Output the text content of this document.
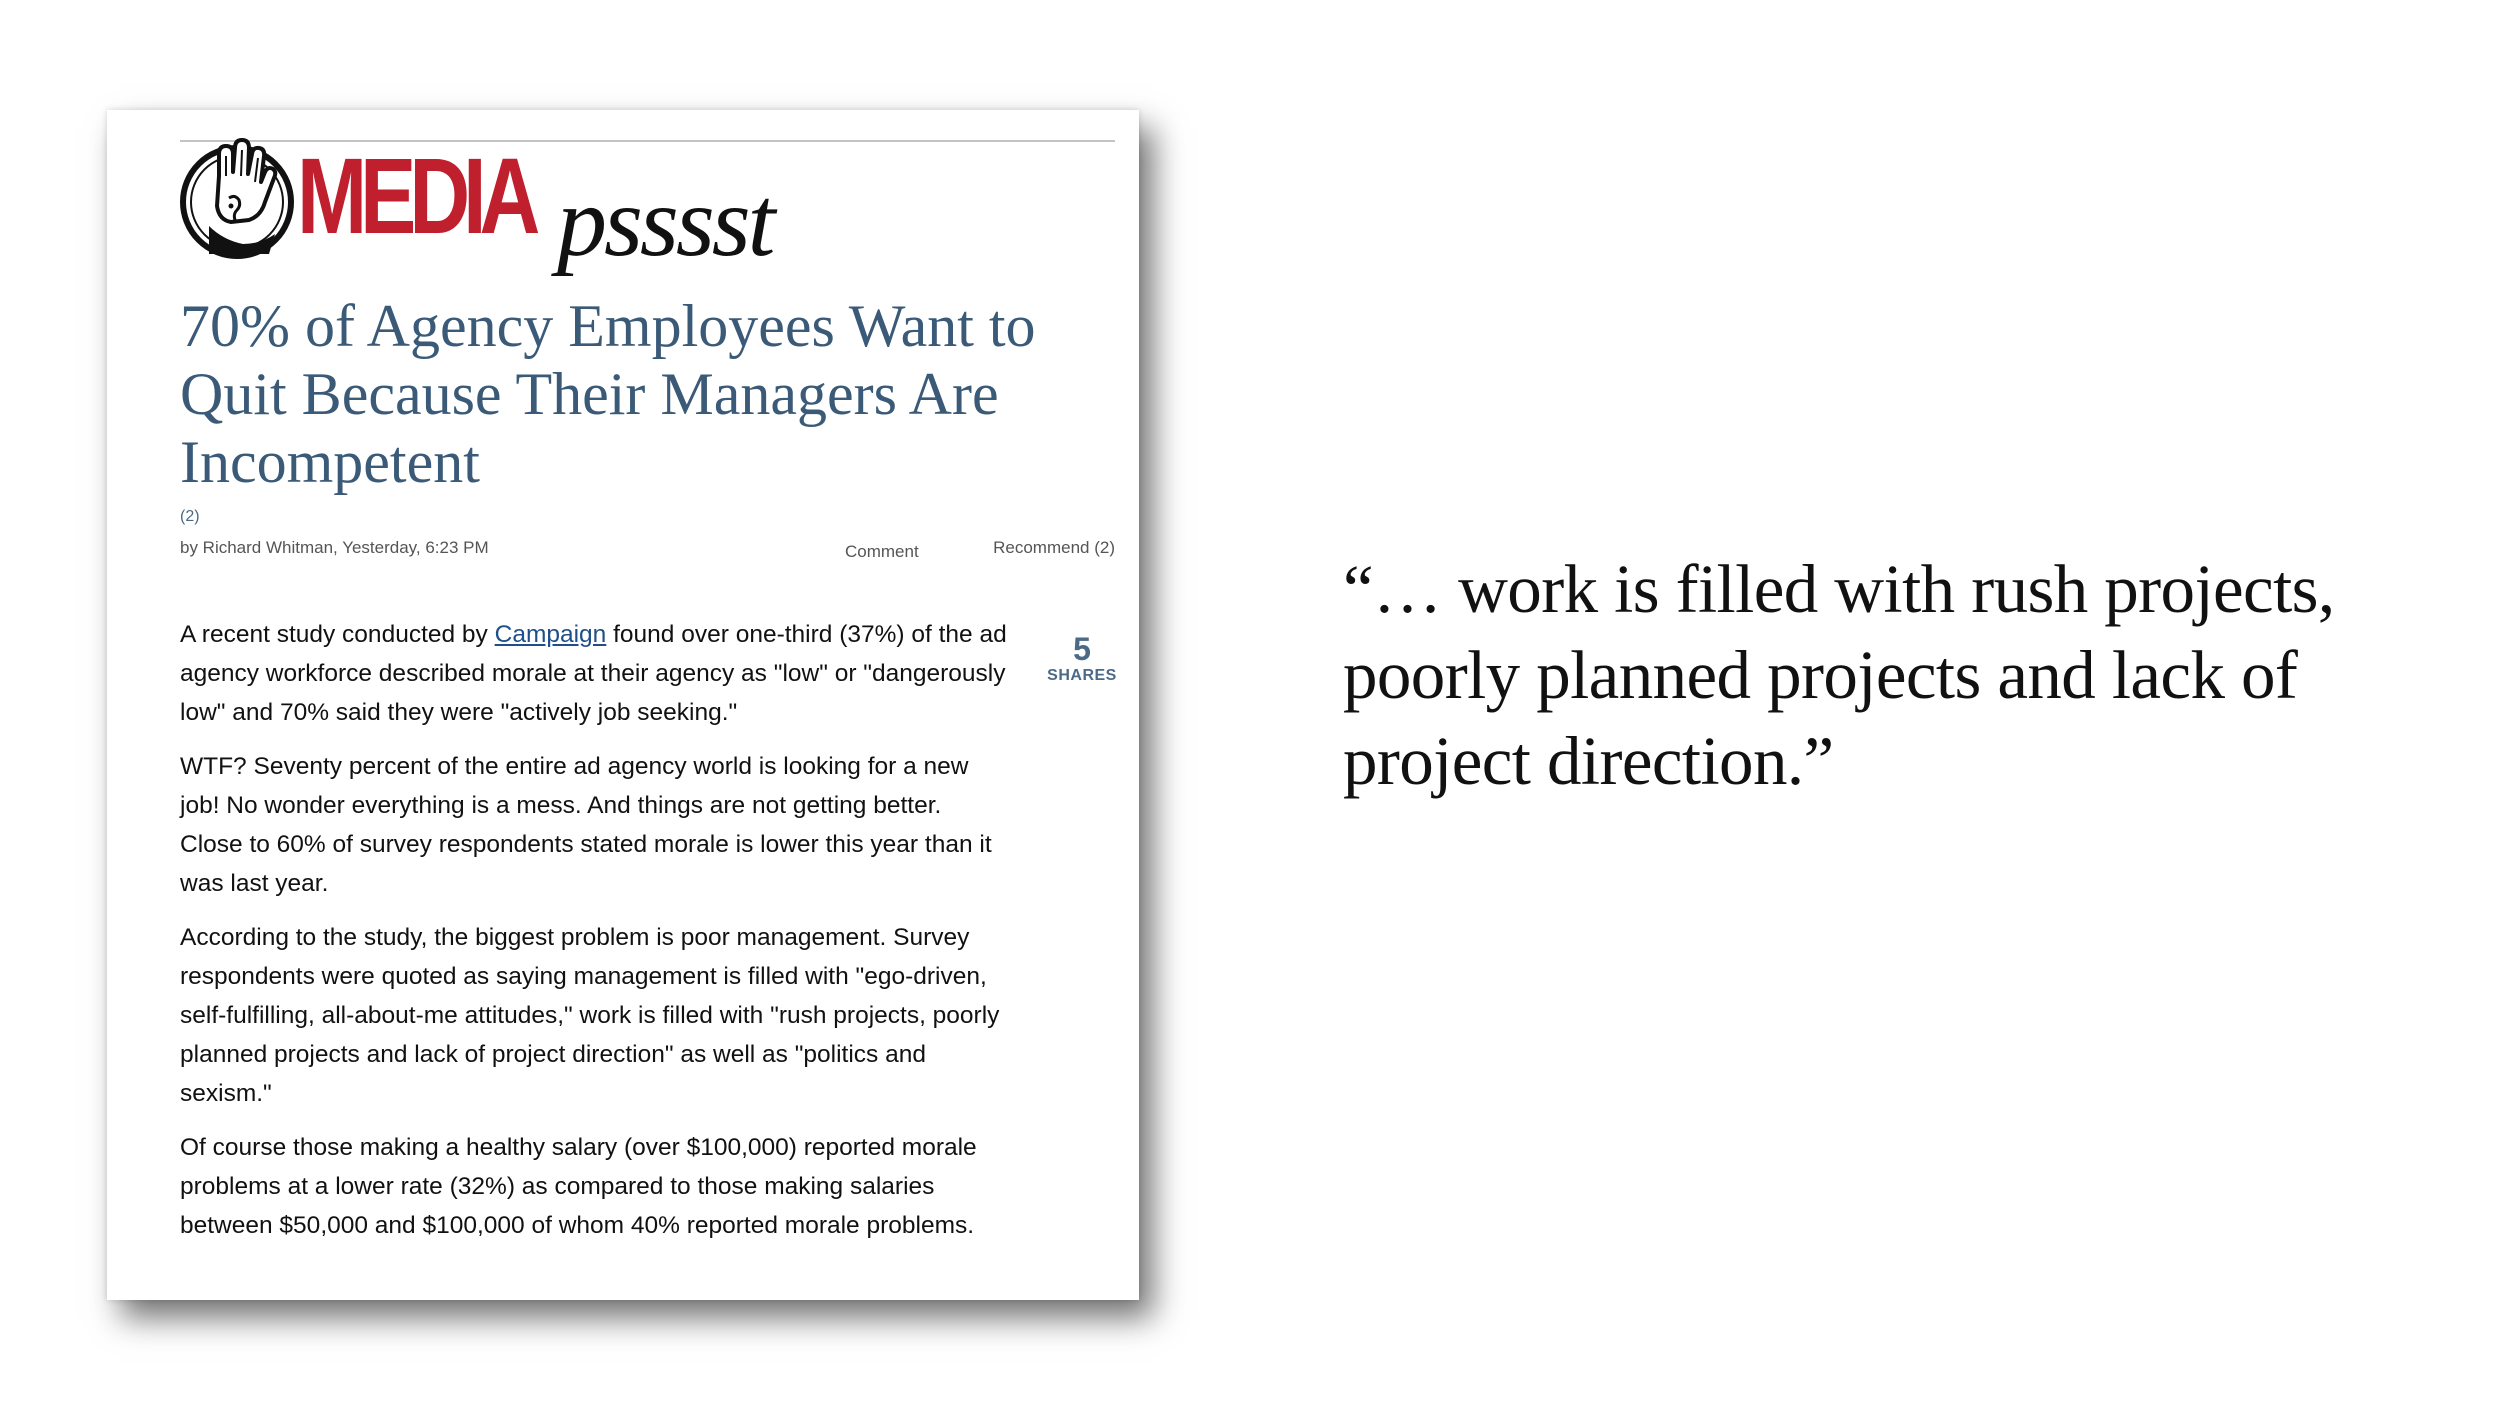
MEDIA psssst
70% of Agency Employees Want to Quit Because Their Managers Are Incompetent
(2)
by Richard Whitman, Yesterday, 6:23 PM	Comment	Recommend (2)

A recent study conducted by Campaign found over one-third (37%) of the ad agency workforce described morale at their agency as "low" or "dangerously low" and 70% said they were "actively job seeking."

WTF? Seventy percent of the entire ad agency world is looking for a new job! No wonder everything is a mess. And things are not getting better. Close to 60% of survey respondents stated morale is lower this year than it was last year.

According to the study, the biggest problem is poor management. Survey respondents were quoted as saying management is filled with "ego-driven, self-fulfilling, all-about-me attitudes," work is filled with "rush projects, poorly planned projects and lack of project direction" as well as "politics and sexism."

Of course those making a healthy salary (over $100,000) reported morale problems at a lower rate (32%) as compared to those making salaries between $50,000 and $100,000 of whom 40% reported morale problems.

5
SHARES

“… work is filled with rush projects, poorly planned projects and lack of project direction.”
